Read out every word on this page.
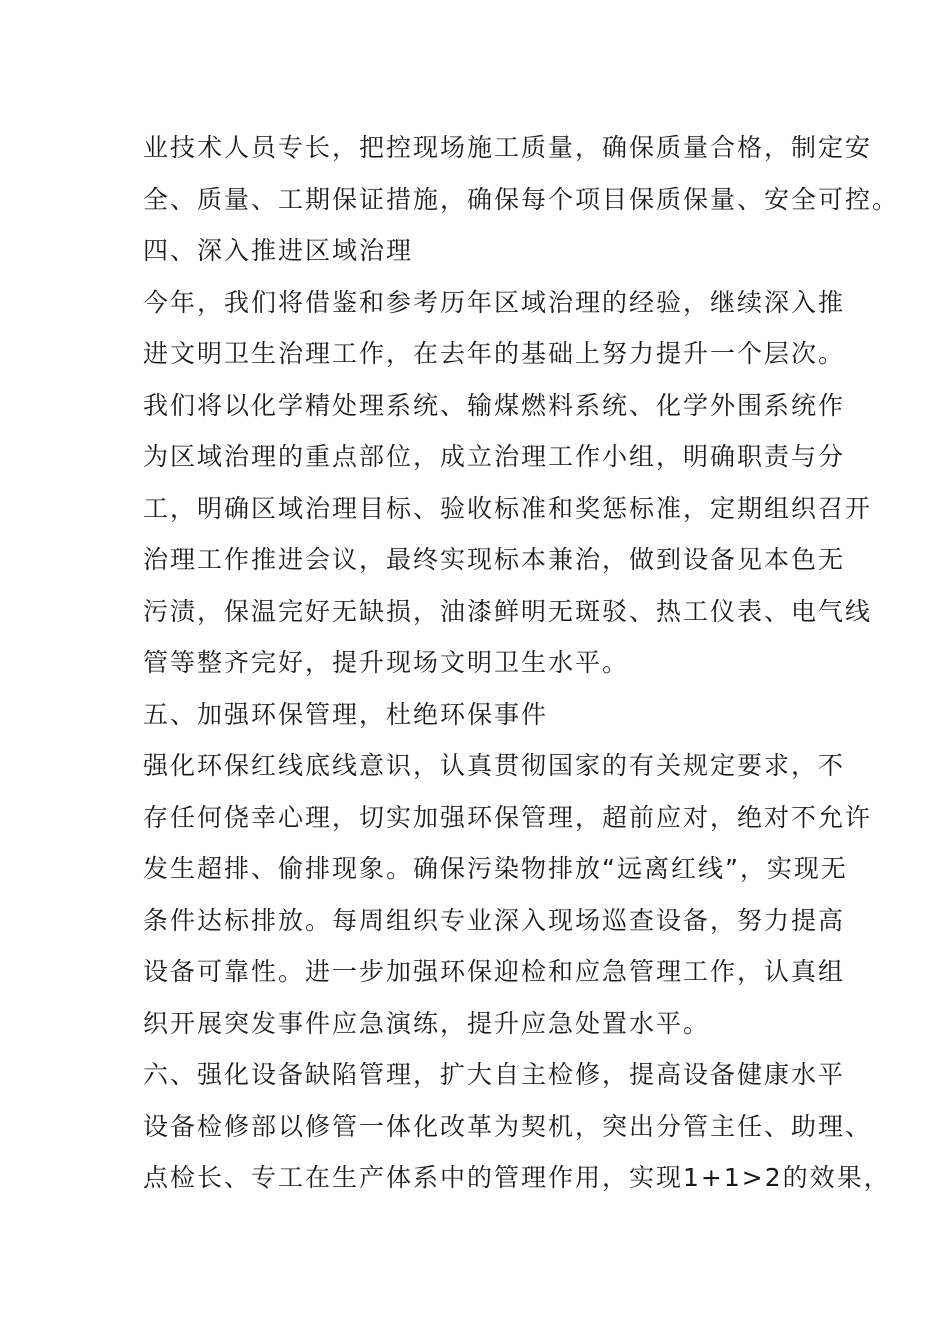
业技术人员专长，把控现场施工质量，确保质量合格，制定安
全、质量、工期保证措施，确保每个项目保质保量、安全可控。
四、深入推进区域治理
今年，我们将借鉴和参考历年区域治理的经验，继续深入推
进文明卫生治理工作，在去年的基础上努力提升一个层次。
我们将以化学精处理系统、输煤燃料系统、化学外围系统作
为区域治理的重点部位，成立治理工作小组，明确职责与分
工，明确区域治理目标、验收标准和奖惩标准，定期组织召开
治理工作推进会议，最终实现标本兼治，做到设备见本色无
污渍，保温完好无缺损，油漆鲜明无斑驳、热工仪表、电气线
管等整齐完好，提升现场文明卫生水平。
五、加强环保管理，杜绝环保事件
强化环保红线底线意识，认真贯彻国家的有关规定要求，不
存任何侥幸心理，切实加强环保管理，超前应对，绝对不允许
发生超排、偷排现象。确保污染物排放“远离红线”，实现无
条件达标排放。每周组织专业深入现场巡查设备，努力提高
设备可靠性。进一步加强环保迎检和应急管理工作，认真组
织开展突发事件应急演练，提升应急处置水平。
六、强化设备缺陷管理，扩大自主检修，提高设备健康水平
设备检修部以修管一体化改革为契机，突出分管主任、助理、
点检长、专工在生产体系中的管理作用，实现1+1>2的效果，
